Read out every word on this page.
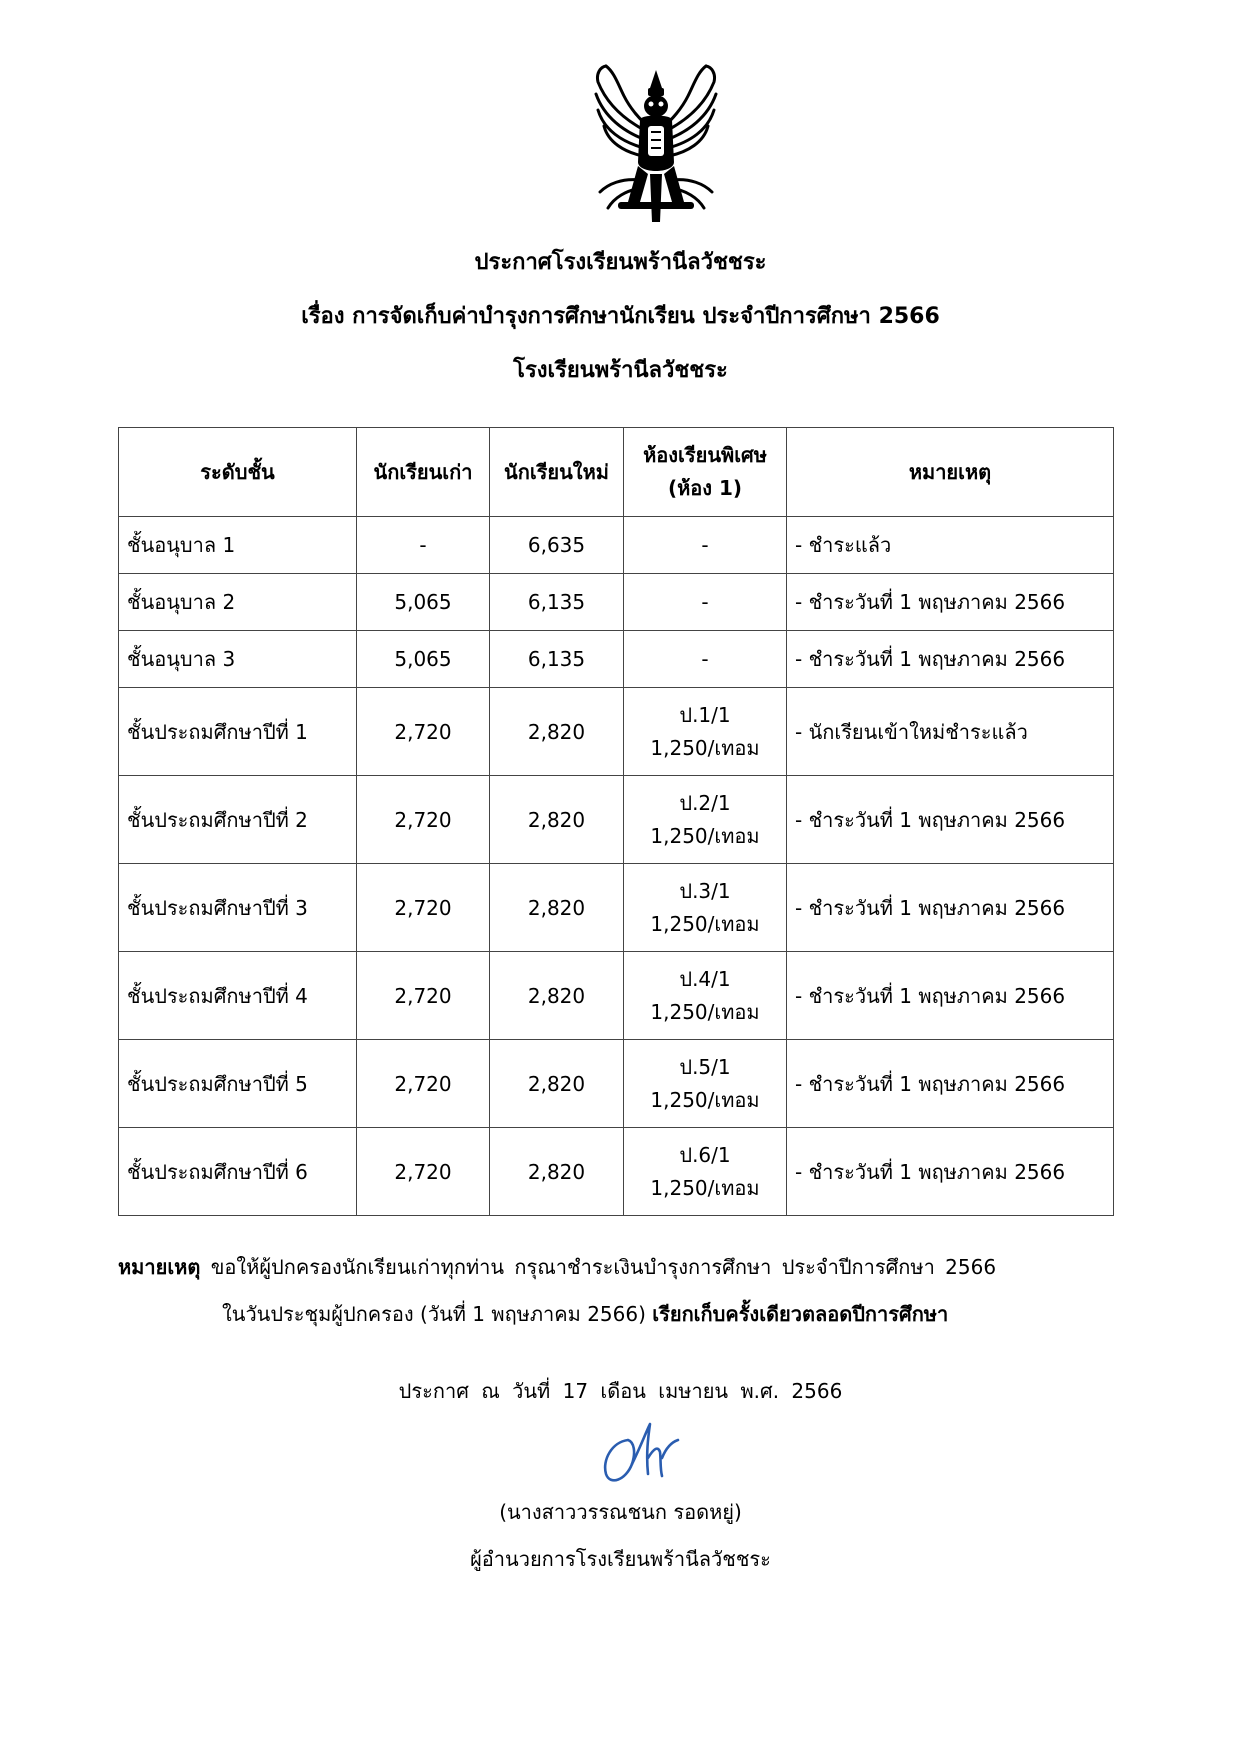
ประกาศโรงเรียนพร้านีลวัชชระ
เรื่อง การจัดเก็บค่าบำรุงการศึกษานักเรียน ประจำปีการศึกษา 2566
โรงเรียนพร้านีลวัชชระ
ระดับชั้น	นักเรียนเก่า	นักเรียนใหม่	ห้องเรียนพิเศษ
(ห้อง 1)	หมายเหตุ
ชั้นอนุบาล 1	-	6,635	-	- ชำระแล้ว
ชั้นอนุบาล 2	5,065	6,135	-	- ชำระวันที่ 1 พฤษภาคม 2566
ชั้นอนุบาล 3	5,065	6,135	-	- ชำระวันที่ 1 พฤษภาคม 2566
ชั้นประถมศึกษาปีที่ 1	2,720	2,820	ป.1/1
1,250/เทอม	- นักเรียนเข้าใหม่ชำระแล้ว
ชั้นประถมศึกษาปีที่ 2	2,720	2,820	ป.2/1
1,250/เทอม	- ชำระวันที่ 1 พฤษภาคม 2566
ชั้นประถมศึกษาปีที่ 3	2,720	2,820	ป.3/1
1,250/เทอม	- ชำระวันที่ 1 พฤษภาคม 2566
ชั้นประถมศึกษาปีที่ 4	2,720	2,820	ป.4/1
1,250/เทอม	- ชำระวันที่ 1 พฤษภาคม 2566
ชั้นประถมศึกษาปีที่ 5	2,720	2,820	ป.5/1
1,250/เทอม	- ชำระวันที่ 1 พฤษภาคม 2566
ชั้นประถมศึกษาปีที่ 6	2,720	2,820	ป.6/1
1,250/เทอม	- ชำระวันที่ 1 พฤษภาคม 2566
หมายเหตุ ขอให้ผู้ปกครองนักเรียนเก่าทุกท่าน กรุณาชำระเงินบำรุงการศึกษา ประจำปีการศึกษา 2566
ในวันประชุมผู้ปกครอง (วันที่ 1 พฤษภาคม 2566) เรียกเก็บครั้งเดียวตลอดปีการศึกษา
ประกาศ ณ วันที่ 17 เดือน เมษายน พ.ศ. 2566
(นางสาววรรณชนก รอดหยู่)
ผู้อำนวยการโรงเรียนพร้านีลวัชชระ
